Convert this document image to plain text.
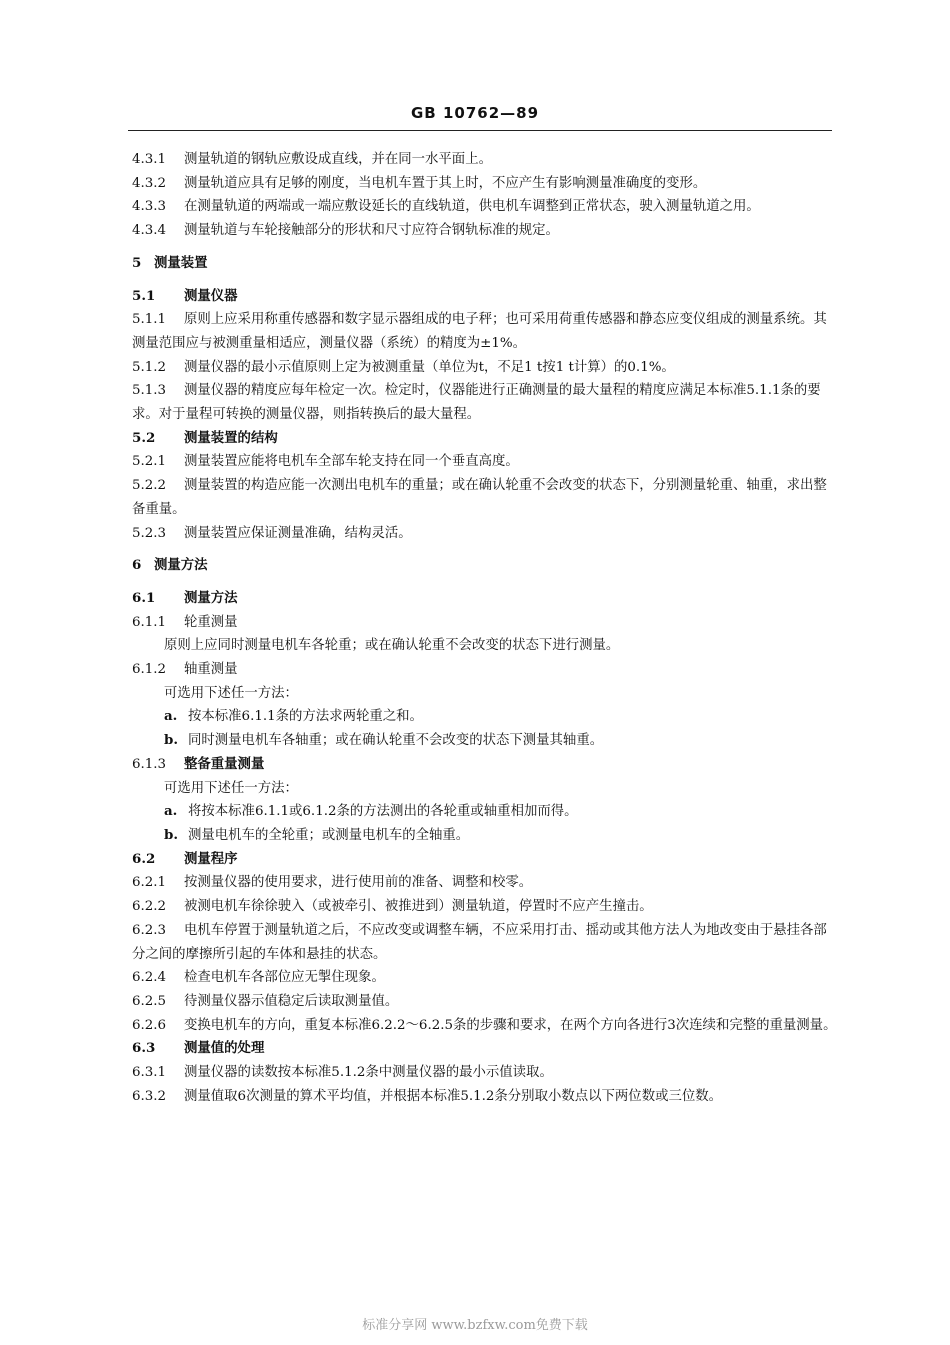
GB 10762—89

4.3.1 测量轨道的钢轨应敷设成直线，并在同一水平面上。

4.3.2 测量轨道应具有足够的刚度，当电机车置于其上时，不应产生有影响测量准确度的变形。

4.3.3 在测量轨道的两端或一端应敷设延长的直线轨道，供电机车调整到正常状态，驶入测量轨道之用。

4.3.4 测量轨道与车轮接触部分的形状和尺寸应符合钢轨标准的规定。

5 测量装置

5.1 测量仪器

5.1.1 原则上应采用称重传感器和数字显示器组成的电子秤；也可采用荷重传感器和静态应变仪组成的测量系统。其测量范围应与被测重量相适应，测量仪器（系统）的精度为±1%。

5.1.2 测量仪器的最小示值原则上定为被测重量（单位为t，不足1 t按1 t计算）的0.1%。

5.1.3 测量仪器的精度应每年检定一次。检定时，仪器能进行正确测量的最大量程的精度应满足本标准5.1.1条的要求。对于量程可转换的测量仪器，则指转换后的最大量程。

5.2 测量装置的结构

5.2.1 测量装置应能将电机车全部车轮支持在同一个垂直高度。

5.2.2 测量装置的构造应能一次测出电机车的重量；或在确认轮重不会改变的状态下，分别测量轮重、轴重，求出整备重量。

5.2.3 测量装置应保证测量准确，结构灵活。

6 测量方法

6.1 测量方法

6.1.1 轮重测量

原则上应同时测量电机车各轮重；或在确认轮重不会改变的状态下进行测量。

6.1.2 轴重测量

可选用下述任一方法：

a. 按本标准6.1.1条的方法求两轮重之和。

b. 同时测量电机车各轴重；或在确认轮重不会改变的状态下测量其轴重。

6.1.3 整备重量测量

可选用下述任一方法：

a. 将按本标准6.1.1或6.1.2条的方法测出的各轮重或轴重相加而得。

b. 测量电机车的全轮重；或测量电机车的全轴重。

6.2 测量程序

6.2.1 按测量仪器的使用要求，进行使用前的准备、调整和校零。

6.2.2 被测电机车徐徐驶入（或被牵引、被推进到）测量轨道，停置时不应产生撞击。

6.2.3 电机车停置于测量轨道之后，不应改变或调整车辆，不应采用打击、摇动或其他方法人为地改变由于悬挂各部分之间的摩擦所引起的车体和悬挂的状态。

6.2.4 检查电机车各部位应无掣住现象。

6.2.5 待测量仪器示值稳定后读取测量值。

6.2.6 变换电机车的方向，重复本标准6.2.2～6.2.5条的步骤和要求，在两个方向各进行3次连续和完整的重量测量。

6.3 测量值的处理

6.3.1 测量仪器的读数按本标准5.1.2条中测量仪器的最小示值读取。

6.3.2 测量值取6次测量的算术平均值，并根据本标准5.1.2条分别取小数点以下两位数或三位数。

标准分享网 www.bzfxw.com免费下载
